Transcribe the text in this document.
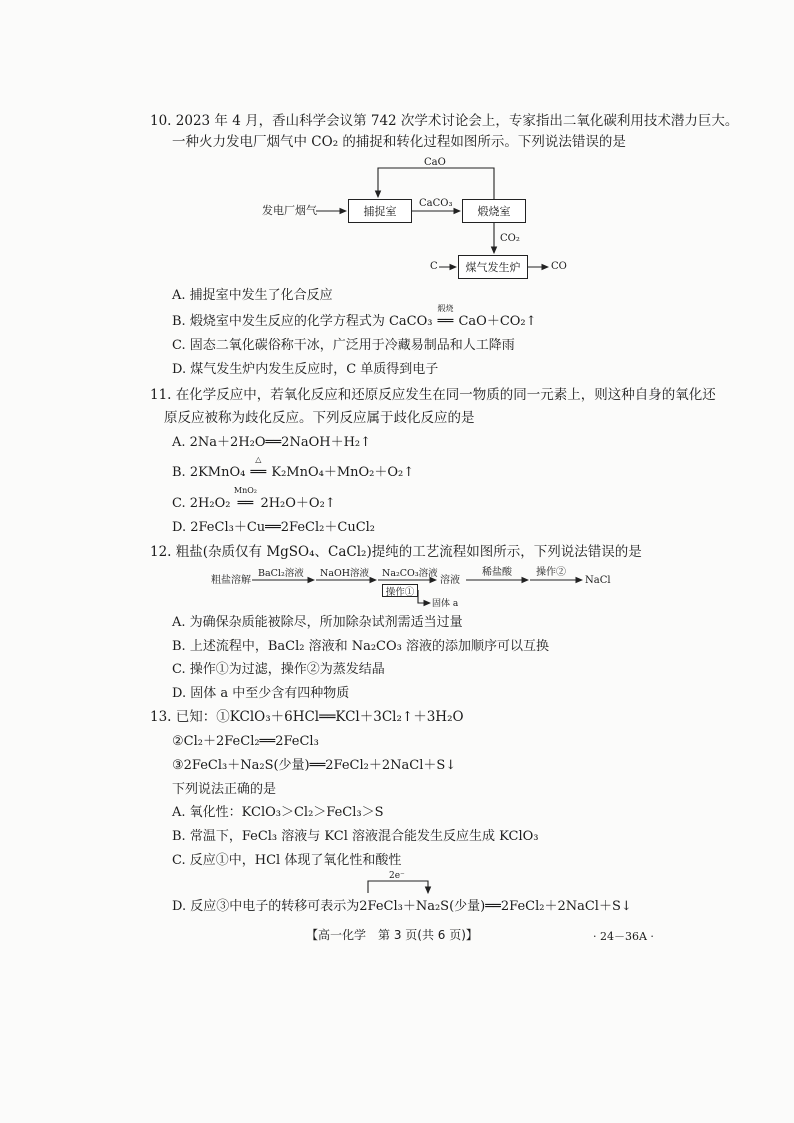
10. 2023 年 4 月，香山科学会议第 742 次学术讨论会上，专家指出二氧化碳利用技术潜力巨大。
一种火力发电厂烟气中 CO₂ 的捕捉和转化过程如图所示。下列说法错误的是
发电厂烟气	捕捉室	煅烧室
煤气发生炉
CaO
CaCO₃
CO₂
C	CO
A. 捕捉室中发生了化合反应
B. 煅烧室中发生反应的化学方程式为 CaCO₃
煅烧
══ CaO＋CO₂↑
C. 固态二氧化碳俗称干冰，广泛用于冷藏易制品和人工降雨
D. 煤气发生炉内发生反应时，C 单质得到电子
11. 在化学反应中，若氧化反应和还原反应发生在同一物质的同一元素上，则这种自身的氧化还
原反应被称为歧化反应。下列反应属于歧化反应的是
A. 2Na＋2H₂O══2NaOH＋H₂↑
B. 2KMnO₄
△
══ K₂MnO₄＋MnO₂＋O₂↑
C. 2H₂O₂
MnO₂
══ 2H₂O＋O₂↑
D. 2FeCl₃＋Cu══2FeCl₂＋CuCl₂
12. 粗盐(杂质仅有 MgSO₄、CaCl₂)提纯的工艺流程如图所示，下列说法错误的是
粗盐溶解
BaCl₂溶液 NaOH溶液 Na₂CO₃溶液
操作①
溶液
稀盐酸 操作②
NaCl
固体 a
A. 为确保杂质能被除尽，所加除杂试剂需适当过量
B. 上述流程中，BaCl₂ 溶液和 Na₂CO₃ 溶液的添加顺序可以互换
C. 操作①为过滤，操作②为蒸发结晶
D. 固体 a 中至少含有四种物质
13. 已知：①KClO₃＋6HCl══KCl＋3Cl₂↑＋3H₂O
②Cl₂＋2FeCl₂══2FeCl₃
③2FeCl₃＋Na₂S(少量)══2FeCl₂＋2NaCl＋S↓
下列说法正确的是
A. 氧化性：KClO₃＞Cl₂＞FeCl₃＞S
B. 常温下，FeCl₃ 溶液与 KCl 溶液混合能发生反应生成 KClO₃
C. 反应①中，HCl 体现了氧化性和酸性
2e⁻
D. 反应③中电子的转移可表示为2FeCl₃＋Na₂S(少量)══2FeCl₂＋2NaCl＋S↓
【高一化学　第 3 页(共 6 页)】	· 24－36A ·
